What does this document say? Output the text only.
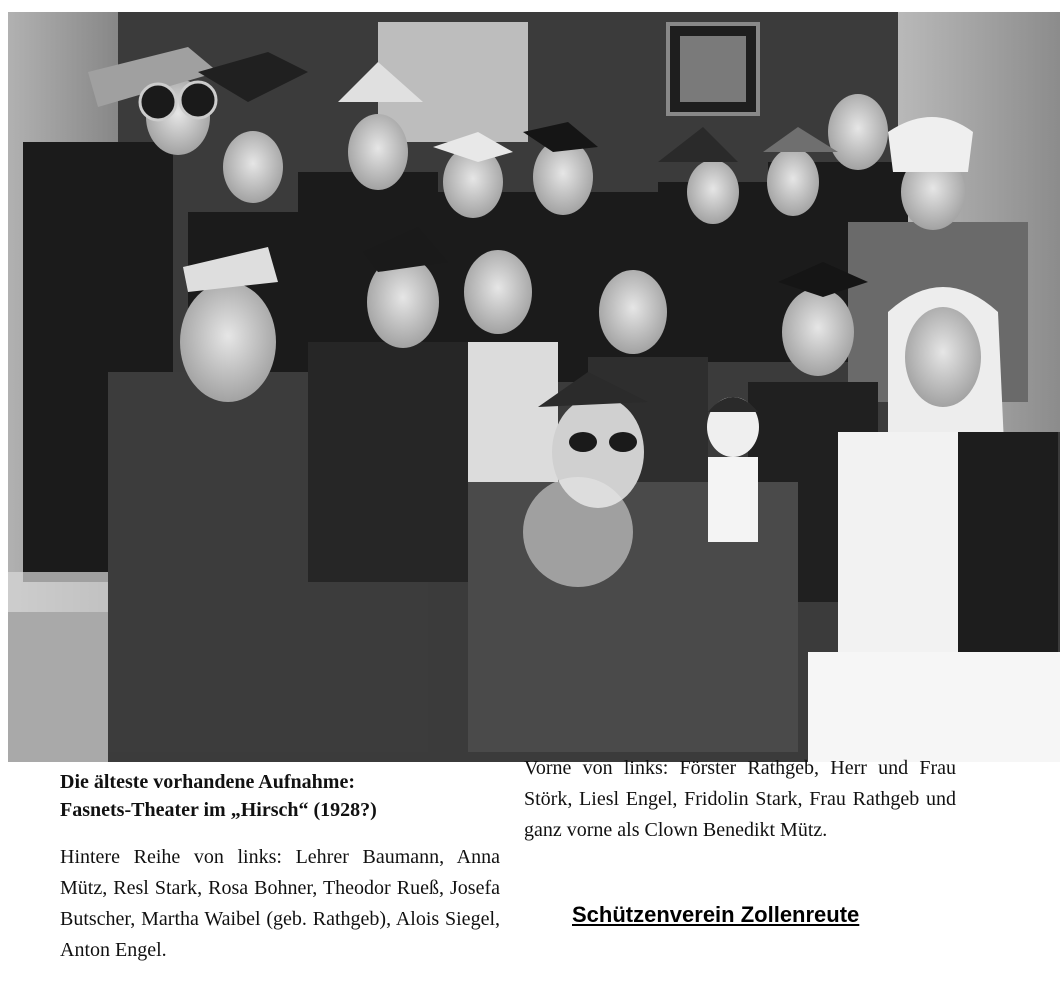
Die älteste vorhandene Aufnahme:
Fasnets-Theater im „Hirsch“ (1928?)
Hintere Reihe von links: Lehrer Baumann, Anna Mütz, Resl Stark, Rosa Bohner, Theodor Rueß, Josefa Butscher, Martha Waibel (geb. Rathgeb), Alois Siegel, Anton Engel.
Vorne von links: Förster Rathgeb, Herr und Frau Störk, Liesl Engel, Fridolin Stark, Frau Rathgeb und ganz vorne als Clown Benedikt Mütz.
Schützenverein Zollenreute
